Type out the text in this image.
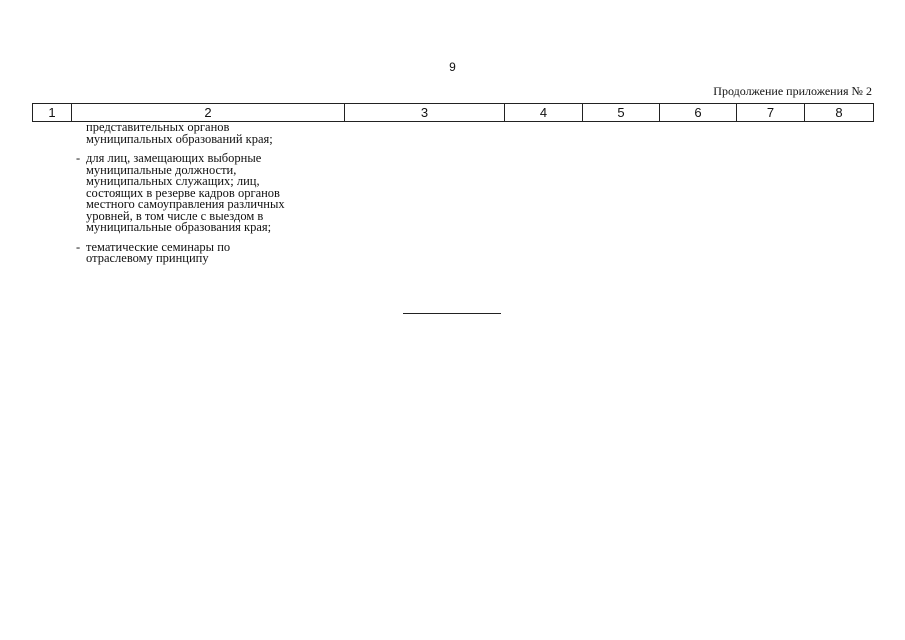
9
Продолжение приложения № 2
1	2	3	4	5	6	7	8
представительных органов
муниципальных образований края;
- для лиц, замещающих выборные
муниципальные должности,
муниципальных служащих; лиц,
состоящих в резерве кадров органов
местного самоуправления различных
уровней, в том числе с выездом в
муниципальные образования края;
- тематические семинары по
отраслевому принципу
